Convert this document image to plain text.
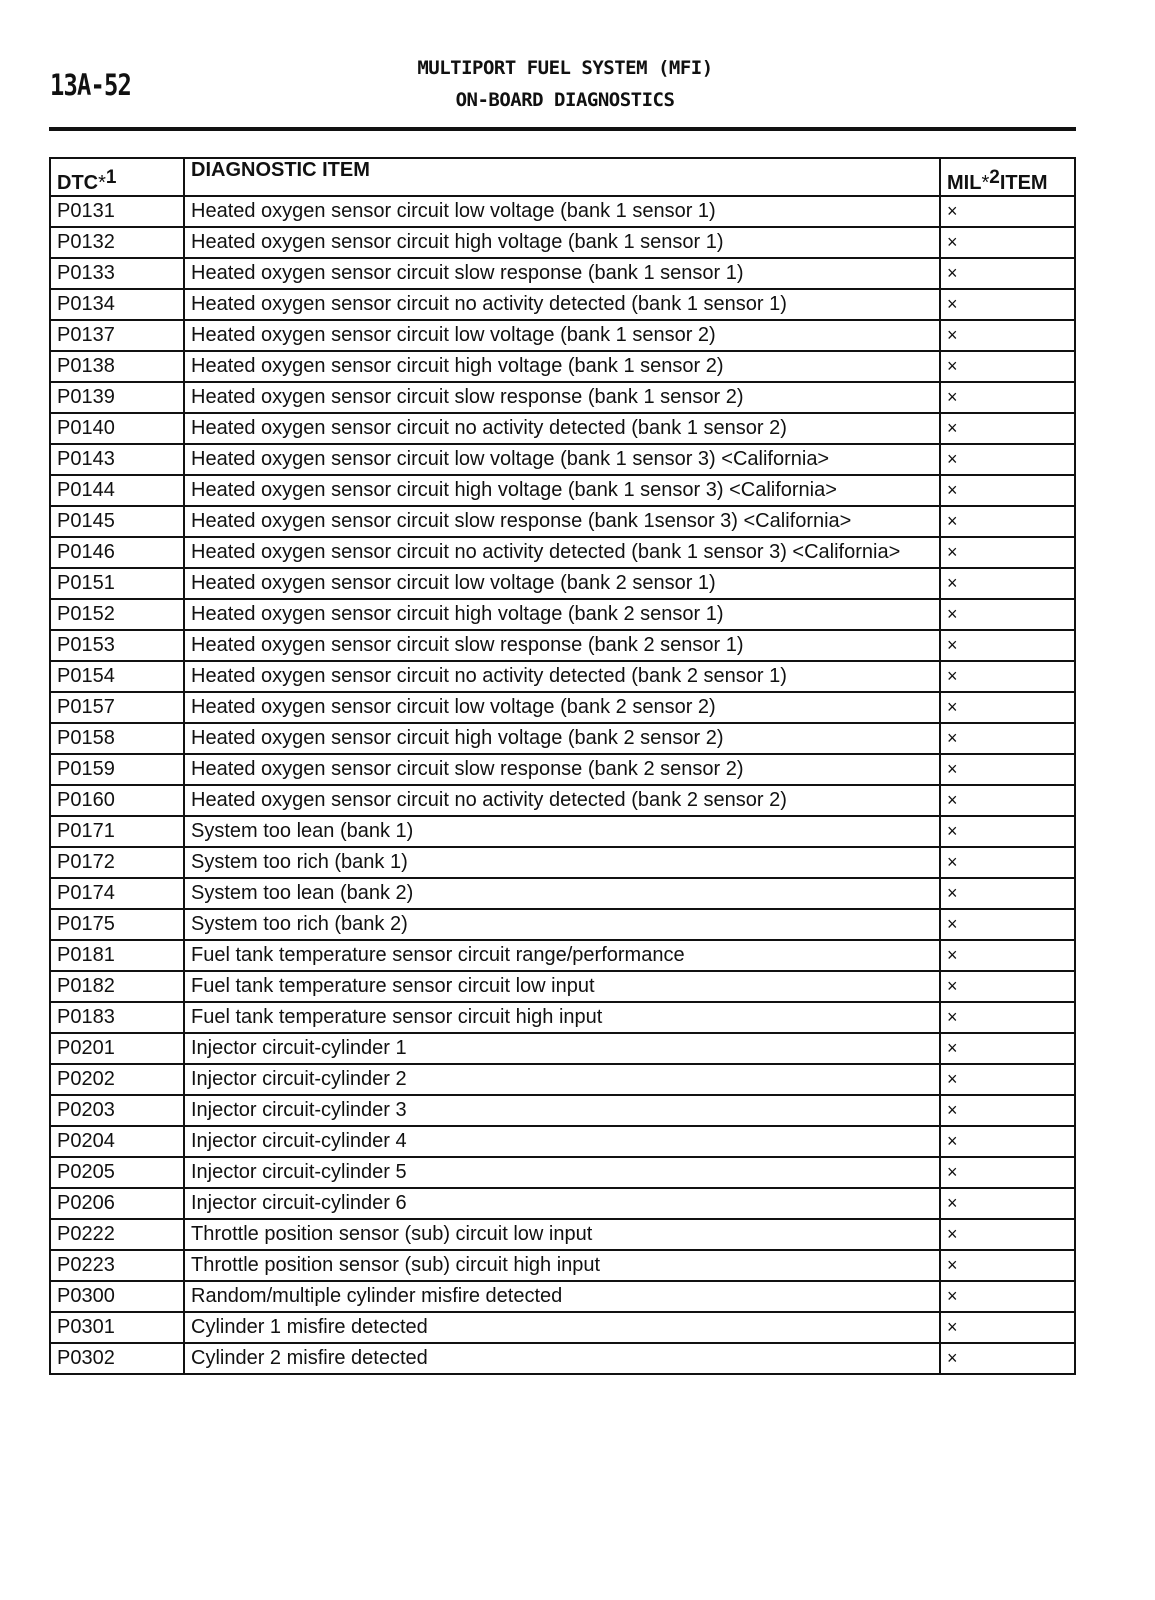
13A-52	MULTIPORT FUEL SYSTEM (MFI)
ON-BOARD DIAGNOSTICS
DTC*$^1$	DIAGNOSTIC ITEM	MIL*$^2$ITEM
P0131	Heated oxygen sensor circuit low voltage (bank 1 sensor 1)	×
P0132	Heated oxygen sensor circuit high voltage (bank 1 sensor 1)	×
P0133	Heated oxygen sensor circuit slow response (bank 1 sensor 1)	×
P0134	Heated oxygen sensor circuit no activity detected (bank 1 sensor 1)	×
P0137	Heated oxygen sensor circuit low voltage (bank 1 sensor 2)	×
P0138	Heated oxygen sensor circuit high voltage (bank 1 sensor 2)	×
P0139	Heated oxygen sensor circuit slow response (bank 1 sensor 2)	×
P0140	Heated oxygen sensor circuit no activity detected (bank 1 sensor 2)	×
P0143	Heated oxygen sensor circuit low voltage (bank 1 sensor 3) <California>	×
P0144	Heated oxygen sensor circuit high voltage (bank 1 sensor 3) <California>	×
P0145	Heated oxygen sensor circuit slow response (bank 1sensor 3) <California>	×
P0146	Heated oxygen sensor circuit no activity detected (bank 1 sensor 3) <California>	×
P0151	Heated oxygen sensor circuit low voltage (bank 2 sensor 1)	×
P0152	Heated oxygen sensor circuit high voltage (bank 2 sensor 1)	×
P0153	Heated oxygen sensor circuit slow response (bank 2 sensor 1)	×
P0154	Heated oxygen sensor circuit no activity detected (bank 2 sensor 1)	×
P0157	Heated oxygen sensor circuit low voltage (bank 2 sensor 2)	×
P0158	Heated oxygen sensor circuit high voltage (bank 2 sensor 2)	×
P0159	Heated oxygen sensor circuit slow response (bank 2 sensor 2)	×
P0160	Heated oxygen sensor circuit no activity detected (bank 2 sensor 2)	×
P0171	System too lean (bank 1)	×
P0172	System too rich (bank 1)	×
P0174	System too lean (bank 2)	×
P0175	System too rich (bank 2)	×
P0181	Fuel tank temperature sensor circuit range/performance	×
P0182	Fuel tank temperature sensor circuit low input	×
P0183	Fuel tank temperature sensor circuit high input	×
P0201	Injector circuit-cylinder 1	×
P0202	Injector circuit-cylinder 2	×
P0203	Injector circuit-cylinder 3	×
P0204	Injector circuit-cylinder 4	×
P0205	Injector circuit-cylinder 5	×
P0206	Injector circuit-cylinder 6	×
P0222	Throttle position sensor (sub) circuit low input	×
P0223	Throttle position sensor (sub) circuit high input	×
P0300	Random/multiple cylinder misfire detected	×
P0301	Cylinder 1 misfire detected	×
P0302	Cylinder 2 misfire detected	×
